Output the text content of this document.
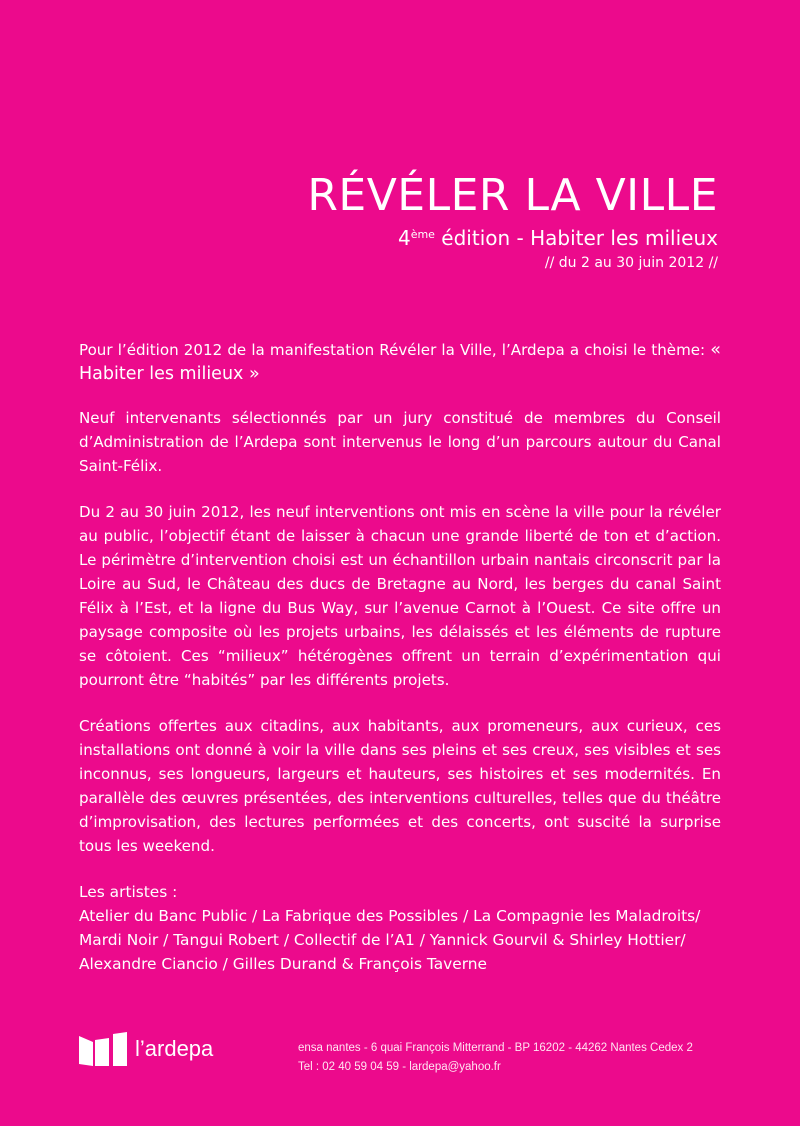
RÉVÉLER LA VILLE
4ème édition - Habiter les milieux
// du 2 au 30 juin 2012 //

Pour l’édition 2012 de la manifestation Révéler la Ville, l’Ardepa a choisi le thème: « Habiter les milieux »

Neuf intervenants sélectionnés par un jury constitué de membres du Conseil d’Administration de l’Ardepa sont intervenus le long d’un parcours autour du Canal Saint-Félix.

Du 2 au 30 juin 2012, les neuf interventions ont mis en scène la ville pour la révéler au public, l’objectif étant de laisser à chacun une grande liberté de ton et d’action. Le périmètre d’intervention choisi est un échantillon urbain nantais circonscrit par la Loire au Sud, le Château des ducs de Bretagne au Nord, les berges du canal Saint Félix à l’Est, et la ligne du Bus Way, sur l’avenue Carnot à l’Ouest. Ce site offre un paysage composite où les projets urbains, les délaissés et les éléments de rupture se côtoient. Ces “milieux” hétérogènes offrent un terrain d’expérimentation qui pourront être “habités” par les différents projets.

Créations offertes aux citadins, aux habitants, aux promeneurs, aux curieux, ces installations ont donné à voir la ville dans ses pleins et ses creux, ses visibles et ses inconnus, ses longueurs, largeurs et hauteurs, ses histoires et ses modernités. En parallèle des œuvres présentées, des interventions culturelles, telles que du théâtre d’improvisation, des lectures performées et des concerts, ont suscité la surprise tous les weekend.

Les artistes :
Atelier du Banc Public / La Fabrique des Possibles / La Compagnie les Maladroits/
Mardi Noir / Tangui Robert / Collectif de l’A1 / Yannick Gourvil & Shirley Hottier/
Alexandre Ciancio / Gilles Durand & François Taverne
l’ardepa	ensa nantes - 6 quai François Mitterrand - BP 16202 - 44262 Nantes Cedex 2
Tel : 02 40 59 04 59 - lardepa@yahoo.fr
